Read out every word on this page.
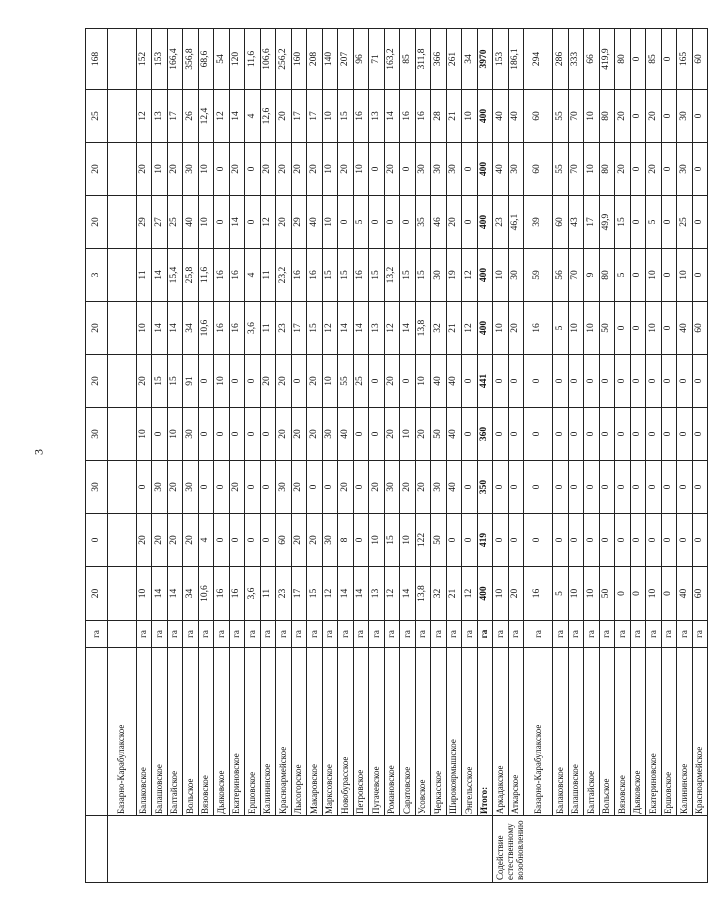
3
		га	20	0	30	30	20	20	3	20	20	25	168
	Базарно-Карабулакское												
	Балаковское	га	10	20	0	10	20	10	11	29	20	12	152
	Балашовское	га	14	20	30	0	15	14	14	27	10	13	153
	Балтайское	га	14	20	20	10	15	14	15,4	25	20	17	166,4
	Вольское	га	34	20	30	30	91	34	25,8	40	30	26	356,8
	Вязовское	га	10,6	4	0	0	0	10,6	11,6	10	10	12,4	68,6
	Дьяковское	га	16	0	0	0	10	16	16	0	0	12	54
	Екатериновское	га	16	0	20	0	0	16	16	14	20	14	120
	Ершовское	га	3,6	0	0	0	0	3,6	4	0	0	4	11,6
	Калининское	га	11	0	0	0	20	11	11	12	20	12,6	106,6
	Красноармейское	га	23	60	30	20	20	23	23,2	20	20	20	256,2
	Лысогорское	га	17	20	20	20	0	17	16	29	20	17	160
	Макаровское	га	15	20	0	20	20	15	16	40	20	17	208
	Марксовское	га	12	30	0	30	10	12	15	10	10	10	140
	Новобурасское	га	14	8	20	40	55	14	15	0	20	15	207
	Петровское	га	14	0	0	0	25	14	16	5	10	16	96
	Пугачевское	га	13	10	20	0	0	13	15	0	0	13	71
	Романовское	га	12	15	30	20	20	12	13,2	0	20	14	163,2
	Саратовское	га	14	10	20	10	0	14	15	0	0	16	85
	Усовское	га	13,8	122	20	20	10	13,8	15	35	30	16	311,8
	Черкасское	га	32	50	30	50	40	32	30	46	30	28	366
	Широкоярмышское	га	21	0	40	40	40	21	19	20	30	21	261
	Энгельсское	га	12	0	0	0	0	12	12	0	0	10	34
	Итого:	га	400	419	350	360	441	400	400	400	400	400	3970
Содействие естественному возобновлению	Аркадакское	га	10	0	0	0	0	10	10	23	40	40	153
	Аткарское	га	20	0	0	0	0	20	30	46,1	30	40	186,1
	Базарно-Карабулакское	га	16	0	0	0	0	16	59	39	60	60	294
	Балаковское	га	5	0	0	0	0	5	56	60	55	55	286
	Балашовское	га	10	0	0	0	0	10	70	43	70	70	333
	Балтайское	га	10	0	0	0	0	10	9	17	10	10	66
	Вольское	га	50	0	0	0	0	50	80	49,9	80	80	419,9
	Вязовское	га	0	0	0	0	0	0	5	15	20	20	80
	Дьяковское	га	0	0	0	0	0	0	0	0	0	0	0
	Екатериновское	га	10	0	0	0	0	10	10	5	20	20	85
	Ершовское	га	0	0	0	0	0	0	0	0	0	0	0
	Калининское	га	40	0	0	0	0	40	10	25	30	30	165
	Красноармейское	га	60	0	0	0	0	60	0	0	0	0	60
